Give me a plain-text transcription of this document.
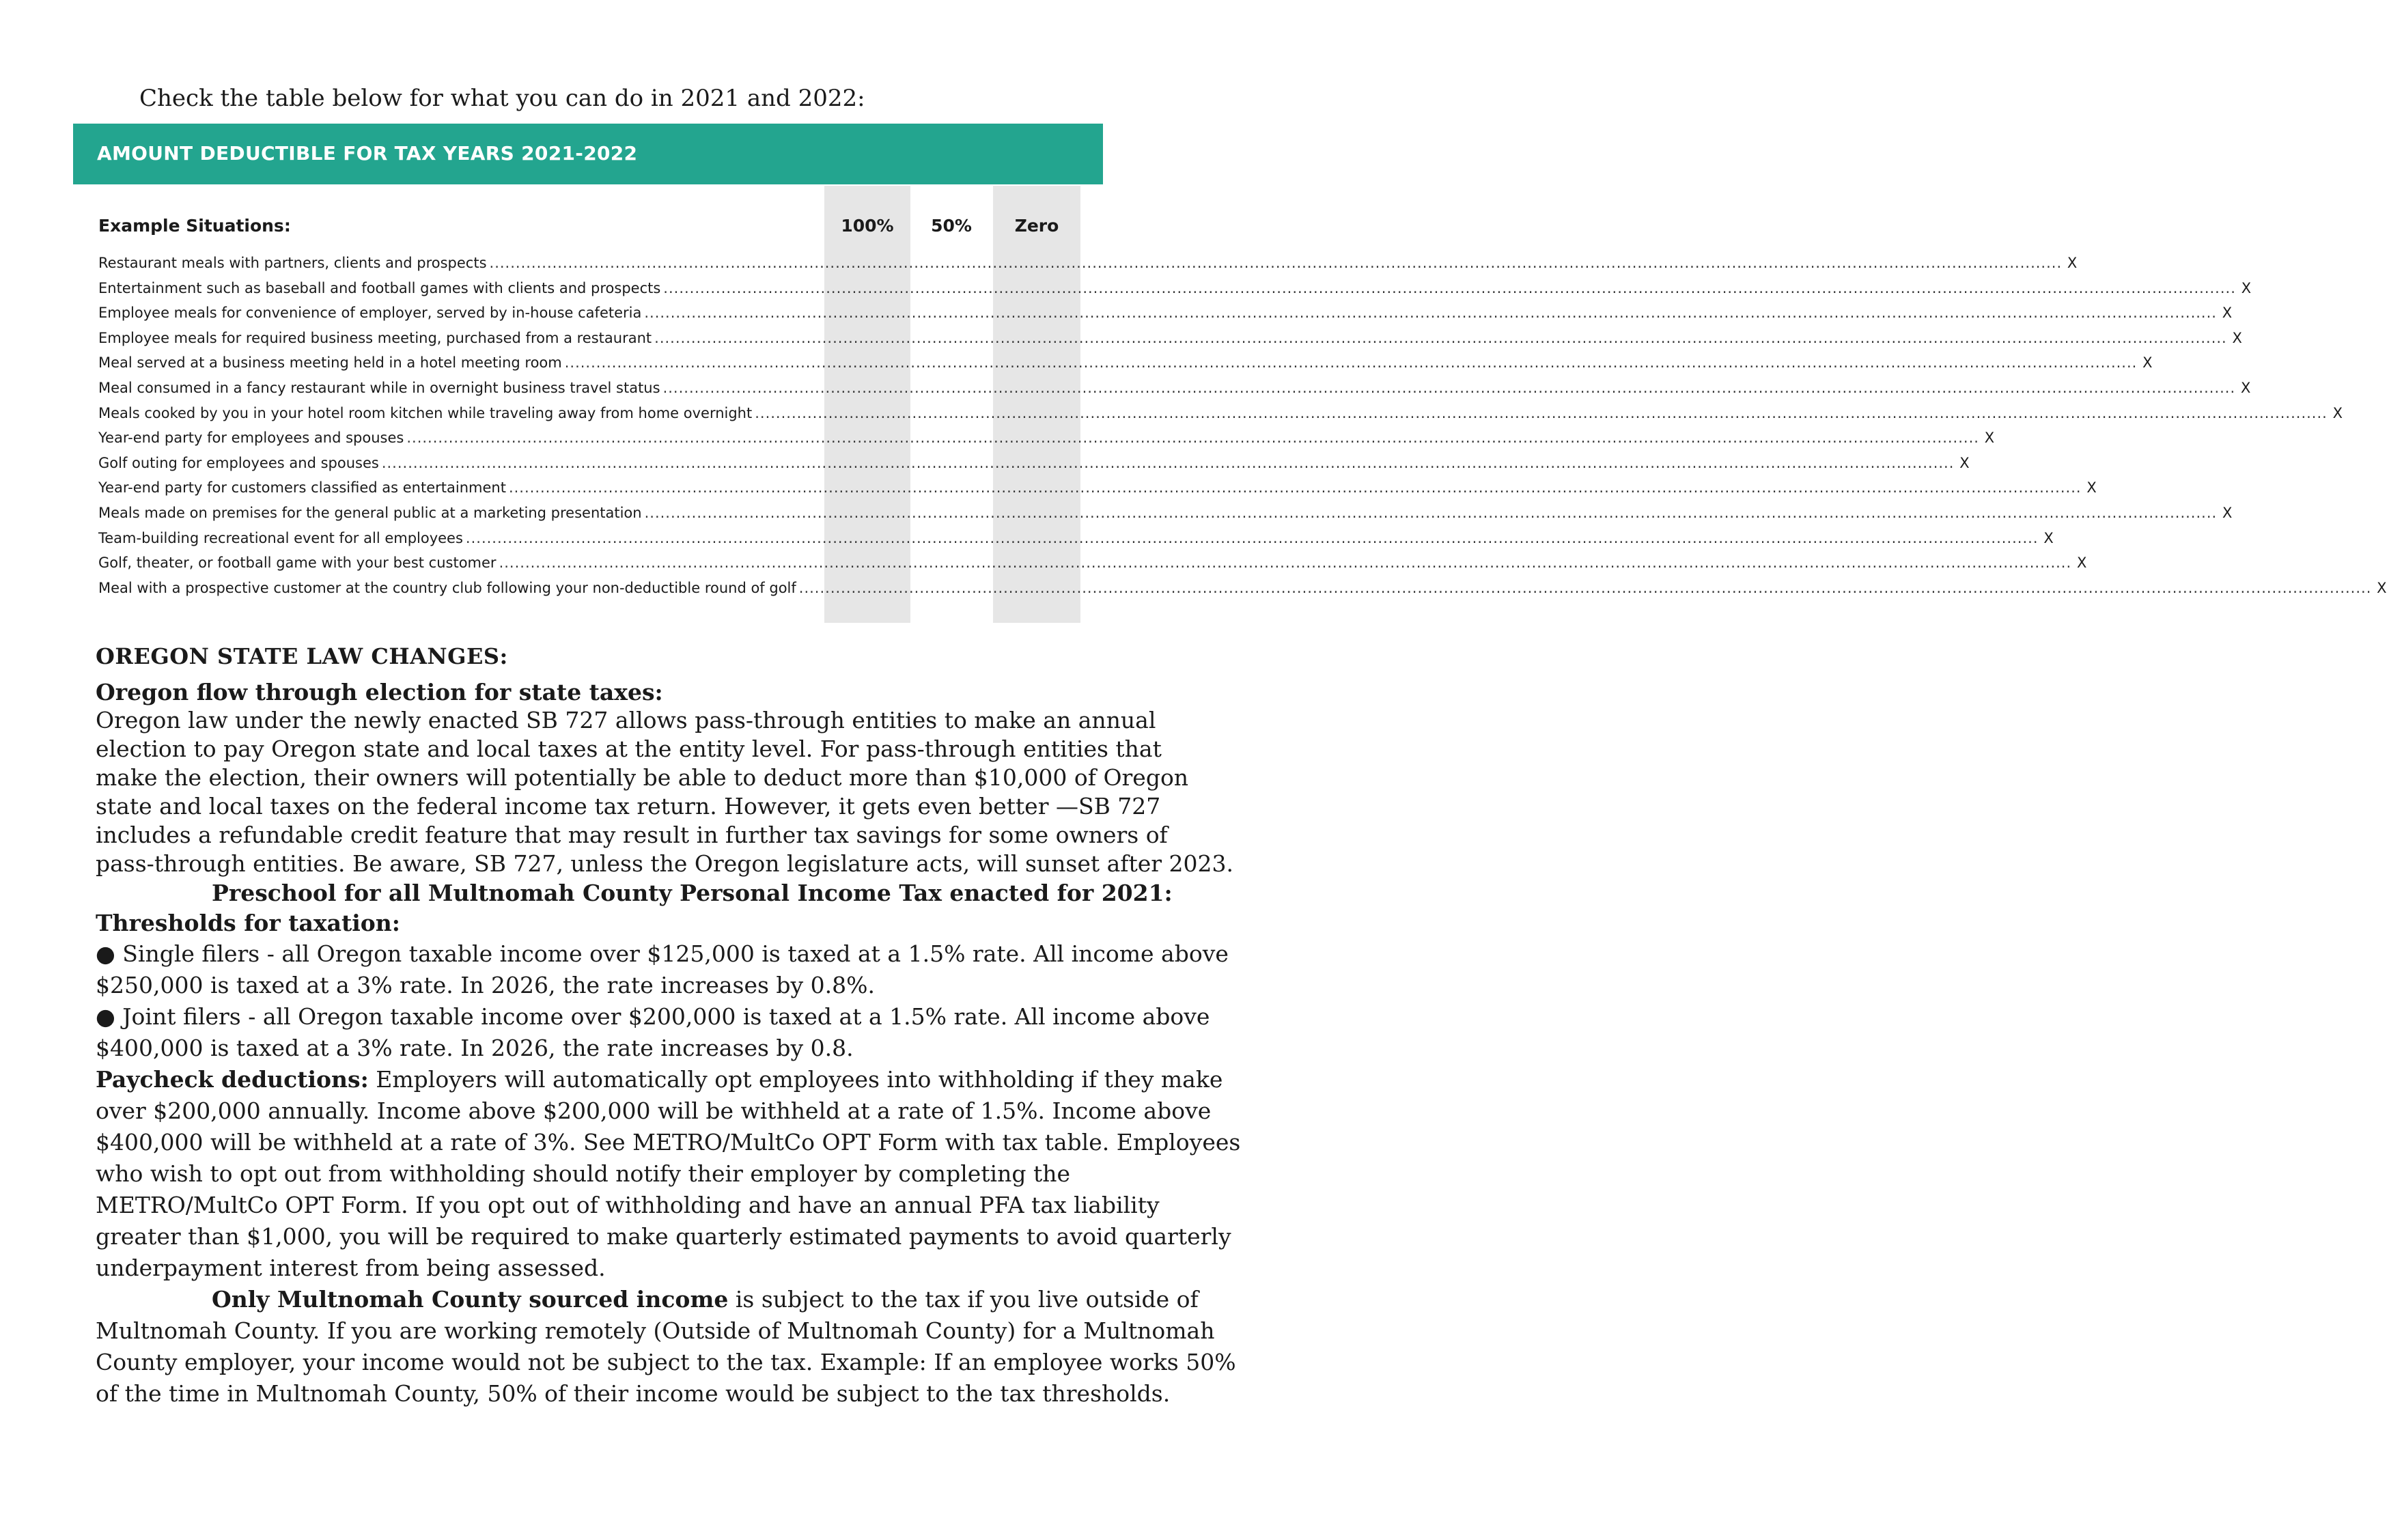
Check the table below for what you can do in 2021 and 2022:
AMOUNT DEDUCTIBLE FOR TAX YEARS 2021-2022
Example Situations:	100%	50%	Zero
Restaurant meals with partners, clients and prospects ............................................................................................................................................................................................................................................................................................................ X
Entertainment such as baseball and football games with clients and prospects ............................................................................................................................................................................................................................................................................................................ X
Employee meals for convenience of employer, served by in-house cafeteria ............................................................................................................................................................................................................................................................................................................ X
Employee meals for required business meeting, purchased from a restaurant ............................................................................................................................................................................................................................................................................................................ X
Meal served at a business meeting held in a hotel meeting room ............................................................................................................................................................................................................................................................................................................ X
Meal consumed in a fancy restaurant while in overnight business travel status ............................................................................................................................................................................................................................................................................................................ X
Meals cooked by you in your hotel room kitchen while traveling away from home overnight ............................................................................................................................................................................................................................................................................................................ X
Year-end party for employees and spouses ............................................................................................................................................................................................................................................................................................................ X
Golf outing for employees and spouses ............................................................................................................................................................................................................................................................................................................ X
Year-end party for customers classified as entertainment ............................................................................................................................................................................................................................................................................................................ X
Meals made on premises for the general public at a marketing presentation ............................................................................................................................................................................................................................................................................................................ X
Team-building recreational event for all employees ............................................................................................................................................................................................................................................................................................................ X
Golf, theater, or football game with your best customer ............................................................................................................................................................................................................................................................................................................ X
Meal with a prospective customer at the country club following your non-deductible round of golf ............................................................................................................................................................................................................................................................................................................ X

OREGON STATE LAW CHANGES:

Oregon flow through election for state taxes:

Oregon law under the newly enacted SB 727 allows pass-through entities to make an annual

election to pay Oregon state and local taxes at the entity level. For pass-through entities that

make the election, their owners will potentially be able to deduct more than $10,000 of Oregon

state and local taxes on the federal income tax return. However, it gets even better —SB 727

includes a refundable credit feature that may result in further tax savings for some owners of

pass-through entities. Be aware, SB 727, unless the Oregon legislature acts, will sunset after 2023.

Preschool for all Multnomah County Personal Income Tax enacted for 2021:

Thresholds for taxation:

● Single filers - all Oregon taxable income over $125,000 is taxed at a 1.5% rate. All income above

$250,000 is taxed at a 3% rate. In 2026, the rate increases by 0.8%.

● Joint filers - all Oregon taxable income over $200,000 is taxed at a 1.5% rate. All income above

$400,000 is taxed at a 3% rate. In 2026, the rate increases by 0.8.

Paycheck deductions: Employers will automatically opt employees into withholding if they make

over $200,000 annually. Income above $200,000 will be withheld at a rate of 1.5%. Income above

$400,000 will be withheld at a rate of 3%. See METRO/MultCo OPT Form with tax table. Employees

who wish to opt out from withholding should notify their employer by completing the

METRO/MultCo OPT Form. If you opt out of withholding and have an annual PFA tax liability

greater than $1,000, you will be required to make quarterly estimated payments to avoid quarterly

underpayment interest from being assessed.

Only Multnomah County sourced income is subject to the tax if you live outside of

Multnomah County. If you are working remotely (Outside of Multnomah County) for a Multnomah

County employer, your income would not be subject to the tax. Example: If an employee works 50%

of the time in Multnomah County, 50% of their income would be subject to the tax thresholds.
